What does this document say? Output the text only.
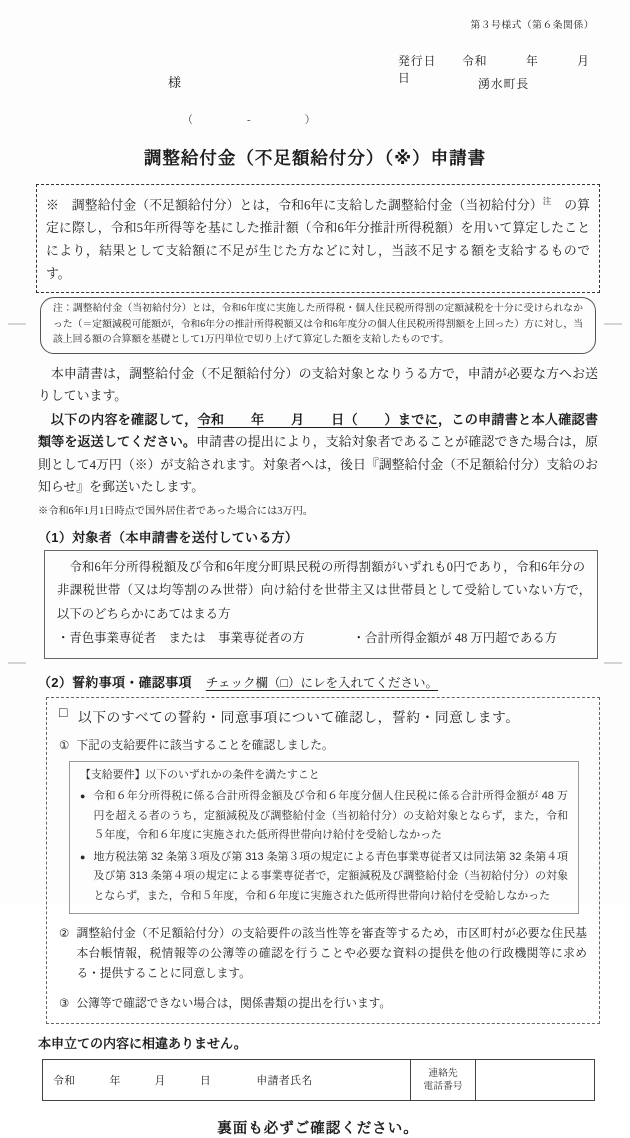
第３号様式（第６条関係）
発行日　　令和　　　年　　　月　　　日	湧水町長
様
（　　　　-　　　　）
調整給付金（不足額給付分）（※）申請書
※　調整給付金（不足額給付分）とは，令和6年に支給した調整給付金（当初給付分）$^注$　の算定に際し，令和5年所得等を基にした推計額（令和6年分推計所得税額）を用いて算定したことにより，結果として支給額に不足が生じた方などに対し，当該不足する額を支給するものです。
注：調整給付金（当初給付分）とは，令和6年度に実施した所得税・個人住民税所得割の定額減税を十分に受けられなかった（＝定額減税可能額が，令和6年分の推計所得税額又は令和6年度分の個人住民税所得割額を上回った）方に対し，当該上回る額の合算額を基礎として1万円単位で切り上げて算定した額を支給したものです。

本申請書は，調整給付金（不足額給付分）の支給対象となりうる方で，申請が必要な方へお送りしています。

以下の内容を確認して，令和　　年　　月　　日（　　）までに，この申請書と本人確認書類等を返送してください。申請書の提出により，支給対象者であることが確認できた場合は，原則として4万円（※）が支給されます。対象者へは，後日『調整給付金（不足額給付分）支給のお知らせ』を郵送いたします。

※令和6年1月1日時点で国外居住者であった場合には3万円。
（1）対象者（本申請書を送付している方）

令和6年分所得税額及び令和6年度分町県民税の所得割額がいずれも0円であり，令和6年分の非課税世帯（又は均等割のみ世帯）向け給付を世帯主又は世帯員として受給していない方で，　以下のどちらかにあてはまる方

・青色事業専従者　または　事業専従者の方	・合計所得金額が 48 万円超である方
（2）誓約事項・確認事項 チェック欄（□）にレを入れてください。
□ 以下のすべての誓約・同意事項について確認し，誓約・同意します。
① 下記の支給要件に該当することを確認しました。

【支給要件】以下のいずれかの条件を満たすこと

● 令和６年分所得税に係る合計所得金額及び令和６年度分個人住民税に係る合計所得金額が 48 万円を超える者のうち，定額減税及び調整給付金（当初給付分）の支給対象とならず，また，令和５年度，令和６年度に実施された低所得世帯向け給付を受給しなかった
● 地方税法第 32 条第３項及び第 313 条第３項の規定による青色事業専従者又は同法第 32 条第４項及び第 313 条第４項の規定による事業専従者で，定額減税及び調整給付金（当初給付分）の対象とならず，また，令和５年度，令和６年度に実施された低所得世帯向け給付を受給しなかった
② 調整給付金（不足額給付分）の支給要件の該当性等を審査等するため，市区町村が必要な住民基本台帳情報，税情報等の公簿等の確認を行うことや必要な資料の提供を他の行政機関等に求める・提供することに同意します。
③ 公簿等で確認できない場合は，関係書類の提出を行います。
本申立ての内容に相違ありません。
令和　　　年　　　月　　　日　　　　申請者氏名	
連絡先
電話番号

裏面も必ずご確認ください。
